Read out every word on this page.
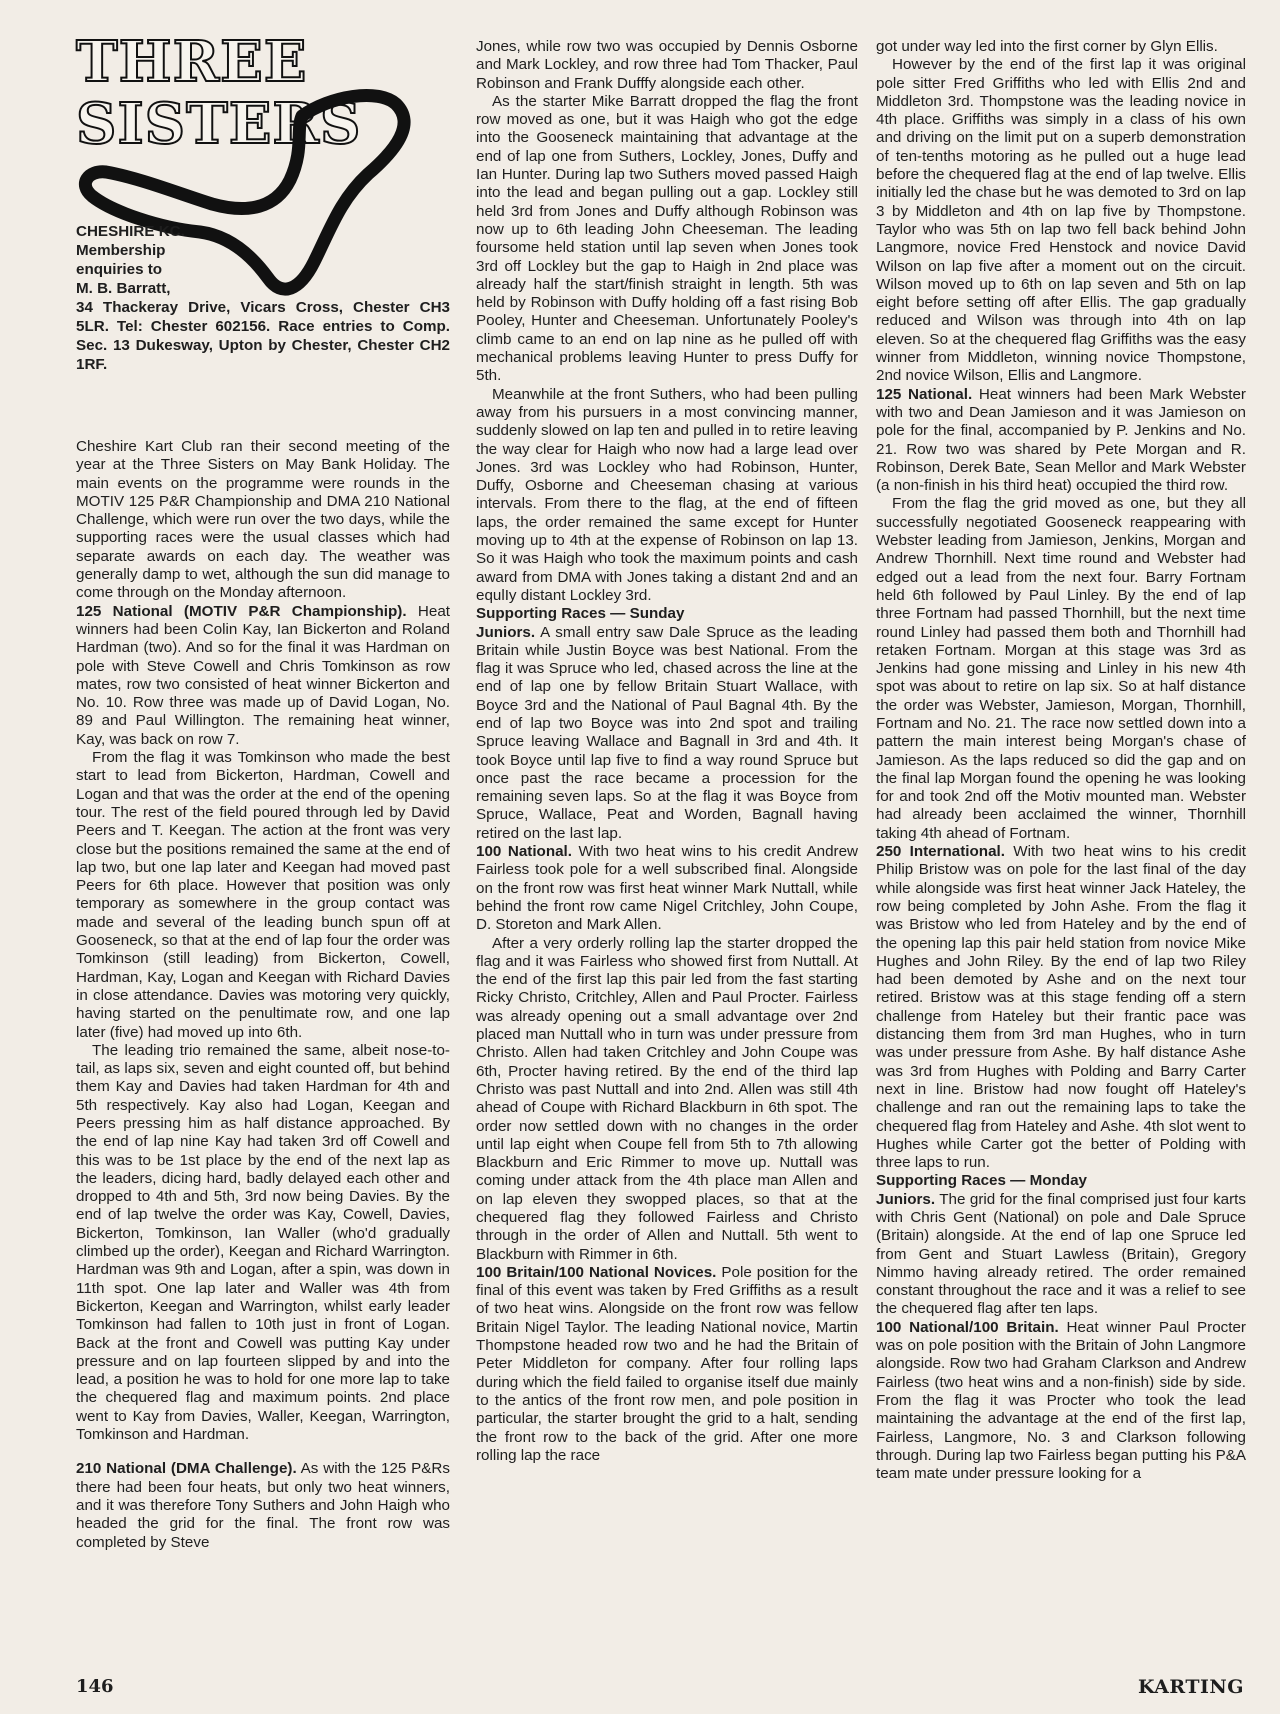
THREE
SISTERS
CHESHIRE KC.
Membership
enquiries to
M. B. Barratt,
34 Thackeray Drive, Vicars Cross, Chester CH3 5LR. Tel: Chester 602156. Race entries to Comp. Sec. 13 Dukesway, Upton by Chester, Chester CH2 1RF.

Cheshire Kart Club ran their second meeting of the year at the Three Sisters on May Bank Holiday. The main events on the programme were rounds in the MOTIV 125 P&R Championship and DMA 210 National Challenge, which were run over the two days, while the supporting races were the usual classes which had separate awards on each day. The weather was generally damp to wet, although the sun did manage to come through on the Monday afternoon.

125 National (MOTIV P&R Championship). Heat winners had been Colin Kay, Ian Bickerton and Roland Hardman (two). And so for the final it was Hardman on pole with Steve Cowell and Chris Tomkinson as row mates, row two consisted of heat winner Bickerton and No. 10. Row three was made up of David Logan, No. 89 and Paul Willington. The remaining heat winner, Kay, was back on row 7.

From the flag it was Tomkinson who made the best start to lead from Bickerton, Hardman, Cowell and Logan and that was the order at the end of the opening tour. The rest of the field poured through led by David Peers and T. Keegan. The action at the front was very close but the positions remained the same at the end of lap two, but one lap later and Keegan had moved past Peers for 6th place. However that position was only temporary as somewhere in the group contact was made and several of the leading bunch spun off at Gooseneck, so that at the end of lap four the order was Tomkinson (still leading) from Bickerton, Cowell, Hardman, Kay, Logan and Keegan with Richard Davies in close attendance. Davies was motoring very quickly, having started on the penultimate row, and one lap later (five) had moved up into 6th.

The leading trio remained the same, albeit nose-to-tail, as laps six, seven and eight counted off, but behind them Kay and Davies had taken Hardman for 4th and 5th respectively. Kay also had Logan, Keegan and Peers pressing him as half distance approached. By the end of lap nine Kay had taken 3rd off Cowell and this was to be 1st place by the end of the next lap as the leaders, dicing hard, badly delayed each other and dropped to 4th and 5th, 3rd now being Davies. By the end of lap twelve the order was Kay, Cowell, Davies, Bickerton, Tomkinson, Ian Waller (who'd gradually climbed up the order), Keegan and Richard Warrington. Hardman was 9th and Logan, after a spin, was down in 11th spot. One lap later and Waller was 4th from Bickerton, Keegan and Warrington, whilst early leader Tomkinson had fallen to 10th just in front of Logan. Back at the front and Cowell was putting Kay under pressure and on lap fourteen slipped by and into the lead, a position he was to hold for one more lap to take the chequered flag and maximum points. 2nd place went to Kay from Davies, Waller, Keegan, Warrington, Tomkinson and Hardman.

210 National (DMA Challenge). As with the 125 P&Rs there had been four heats, but only two heat winners, and it was therefore Tony Suthers and John Haigh who headed the grid for the final. The front row was completed by Steve

Jones, while row two was occupied by Dennis Osborne and Mark Lockley, and row three had Tom Thacker, Paul Robinson and Frank Dufffy alongside each other.

As the starter Mike Barratt dropped the flag the front row moved as one, but it was Haigh who got the edge into the Gooseneck maintaining that advantage at the end of lap one from Suthers, Lockley, Jones, Duffy and Ian Hunter. During lap two Suthers moved passed Haigh into the lead and began pulling out a gap. Lockley still held 3rd from Jones and Duffy although Robinson was now up to 6th leading John Cheeseman. The leading foursome held station until lap seven when Jones took 3rd off Lockley but the gap to Haigh in 2nd place was already half the start/finish straight in length. 5th was held by Robinson with Duffy holding off a fast rising Bob Pooley, Hunter and Cheeseman. Unfortunately Pooley's climb came to an end on lap nine as he pulled off with mechanical problems leaving Hunter to press Duffy for 5th.

Meanwhile at the front Suthers, who had been pulling away from his pursuers in a most convincing manner, suddenly slowed on lap ten and pulled in to retire leaving the way clear for Haigh who now had a large lead over Jones. 3rd was Lockley who had Robinson, Hunter, Duffy, Osborne and Cheeseman chasing at various intervals. From there to the flag, at the end of fifteen laps, the order remained the same except for Hunter moving up to 4th at the expense of Robinson on lap 13. So it was Haigh who took the maximum points and cash award from DMA with Jones taking a distant 2nd and an equlIy distant Lockley 3rd.

Supporting Races — Sunday

Juniors. A small entry saw Dale Spruce as the leading Britain while Justin Boyce was best National. From the flag it was Spruce who led, chased across the line at the end of lap one by fellow Britain Stuart Wallace, with Boyce 3rd and the National of Paul Bagnal 4th. By the end of lap two Boyce was into 2nd spot and trailing Spruce leaving Wallace and Bagnall in 3rd and 4th. It took Boyce until lap five to find a way round Spruce but once past the race became a procession for the remaining seven laps. So at the flag it was Boyce from Spruce, Wallace, Peat and Worden, Bagnall having retired on the last lap.

100 National. With two heat wins to his credit Andrew Fairless took pole for a well subscribed final. Alongside on the front row was first heat winner Mark Nuttall, while behind the front row came Nigel Critchley, John Coupe, D. Storeton and Mark Allen.

After a very orderly rolling lap the starter dropped the flag and it was Fairless who showed first from Nuttall. At the end of the first lap this pair led from the fast starting Ricky Christo, Critchley, Allen and Paul Procter. Fairless was already opening out a small advantage over 2nd placed man Nuttall who in turn was under pressure from Christo. Allen had taken Critchley and John Coupe was 6th, Procter having retired. By the end of the third lap Christo was past Nuttall and into 2nd. Allen was still 4th ahead of Coupe with Richard Blackburn in 6th spot. The order now settled down with no changes in the order until lap eight when Coupe fell from 5th to 7th allowing Blackburn and Eric Rimmer to move up. Nuttall was coming under attack from the 4th place man Allen and on lap eleven they swopped places, so that at the chequered flag they followed Fairless and Christo through in the order of Allen and Nuttall. 5th went to Blackburn with Rimmer in 6th.

100 Britain/100 National Novices. Pole position for the final of this event was taken by Fred Griffiths as a result of two heat wins. Alongside on the front row was fellow Britain Nigel Taylor. The leading National novice, Martin Thompstone headed row two and he had the Britain of Peter Middleton for company. After four rolling laps during which the field failed to organise itself due mainly to the antics of the front row men, and pole position in particular, the starter brought the grid to a halt, sending the front row to the back of the grid. After one more rolling lap the race

got under way led into the first corner by Glyn Ellis.

However by the end of the first lap it was original pole sitter Fred Griffiths who led with Ellis 2nd and Middleton 3rd. Thompstone was the leading novice in 4th place. Griffiths was simply in a class of his own and driving on the limit put on a superb demonstration of ten-tenths motoring as he pulled out a huge lead before the chequered flag at the end of lap twelve. Ellis initially led the chase but he was demoted to 3rd on lap 3 by Middleton and 4th on lap five by Thompstone. Taylor who was 5th on lap two fell back behind John Langmore, novice Fred Henstock and novice David Wilson on lap five after a moment out on the circuit. Wilson moved up to 6th on lap seven and 5th on lap eight before setting off after Ellis. The gap gradually reduced and Wilson was through into 4th on lap eleven. So at the chequered flag Griffiths was the easy winner from Middleton, winning novice Thompstone, 2nd novice Wilson, Ellis and Langmore.

125 National. Heat winners had been Mark Webster with two and Dean Jamieson and it was Jamieson on pole for the final, accompanied by P. Jenkins and No. 21. Row two was shared by Pete Morgan and R. Robinson, Derek Bate, Sean Mellor and Mark Webster (a non-finish in his third heat) occupied the third row.

From the flag the grid moved as one, but they all successfully negotiated Gooseneck reappearing with Webster leading from Jamieson, Jenkins, Morgan and Andrew Thornhill. Next time round and Webster had edged out a lead from the next four. Barry Fortnam held 6th followed by Paul Linley. By the end of lap three Fortnam had passed Thornhill, but the next time round Linley had passed them both and Thornhill had retaken Fortnam. Morgan at this stage was 3rd as Jenkins had gone missing and Linley in his new 4th spot was about to retire on lap six. So at half distance the order was Webster, Jamieson, Morgan, Thornhill, Fortnam and No. 21. The race now settled down into a pattern the main interest being Morgan's chase of Jamieson. As the laps reduced so did the gap and on the final lap Morgan found the opening he was looking for and took 2nd off the Motiv mounted man. Webster had already been acclaimed the winner, Thornhill taking 4th ahead of Fortnam.

250 International. With two heat wins to his credit Philip Bristow was on pole for the last final of the day while alongside was first heat winner Jack Hateley, the row being completed by John Ashe. From the flag it was Bristow who led from Hateley and by the end of the opening lap this pair held station from novice Mike Hughes and John Riley. By the end of lap two Riley had been demoted by Ashe and on the next tour retired. Bristow was at this stage fending off a stern challenge from Hateley but their frantic pace was distancing them from 3rd man Hughes, who in turn was under pressure from Ashe. By half distance Ashe was 3rd from Hughes with Polding and Barry Carter next in line. Bristow had now fought off Hateley's challenge and ran out the remaining laps to take the chequered flag from Hateley and Ashe. 4th slot went to Hughes while Carter got the better of Polding with three laps to run.

Supporting Races — Monday

Juniors. The grid for the final comprised just four karts with Chris Gent (National) on pole and Dale Spruce (Britain) alongside. At the end of lap one Spruce led from Gent and Stuart Lawless (Britain), Gregory Nimmo having already retired. The order remained constant throughout the race and it was a relief to see the chequered flag after ten laps.

100 National/100 Britain. Heat winner Paul Procter was on pole position with the Britain of John Langmore alongside. Row two had Graham Clarkson and Andrew Fairless (two heat wins and a non-finish) side by side. From the flag it was Procter who took the lead maintaining the advantage at the end of the first lap, Fairless, Langmore, No. 3 and Clarkson following through. During lap two Fairless began putting his P&A team mate under pressure looking for a

146	KARTING
